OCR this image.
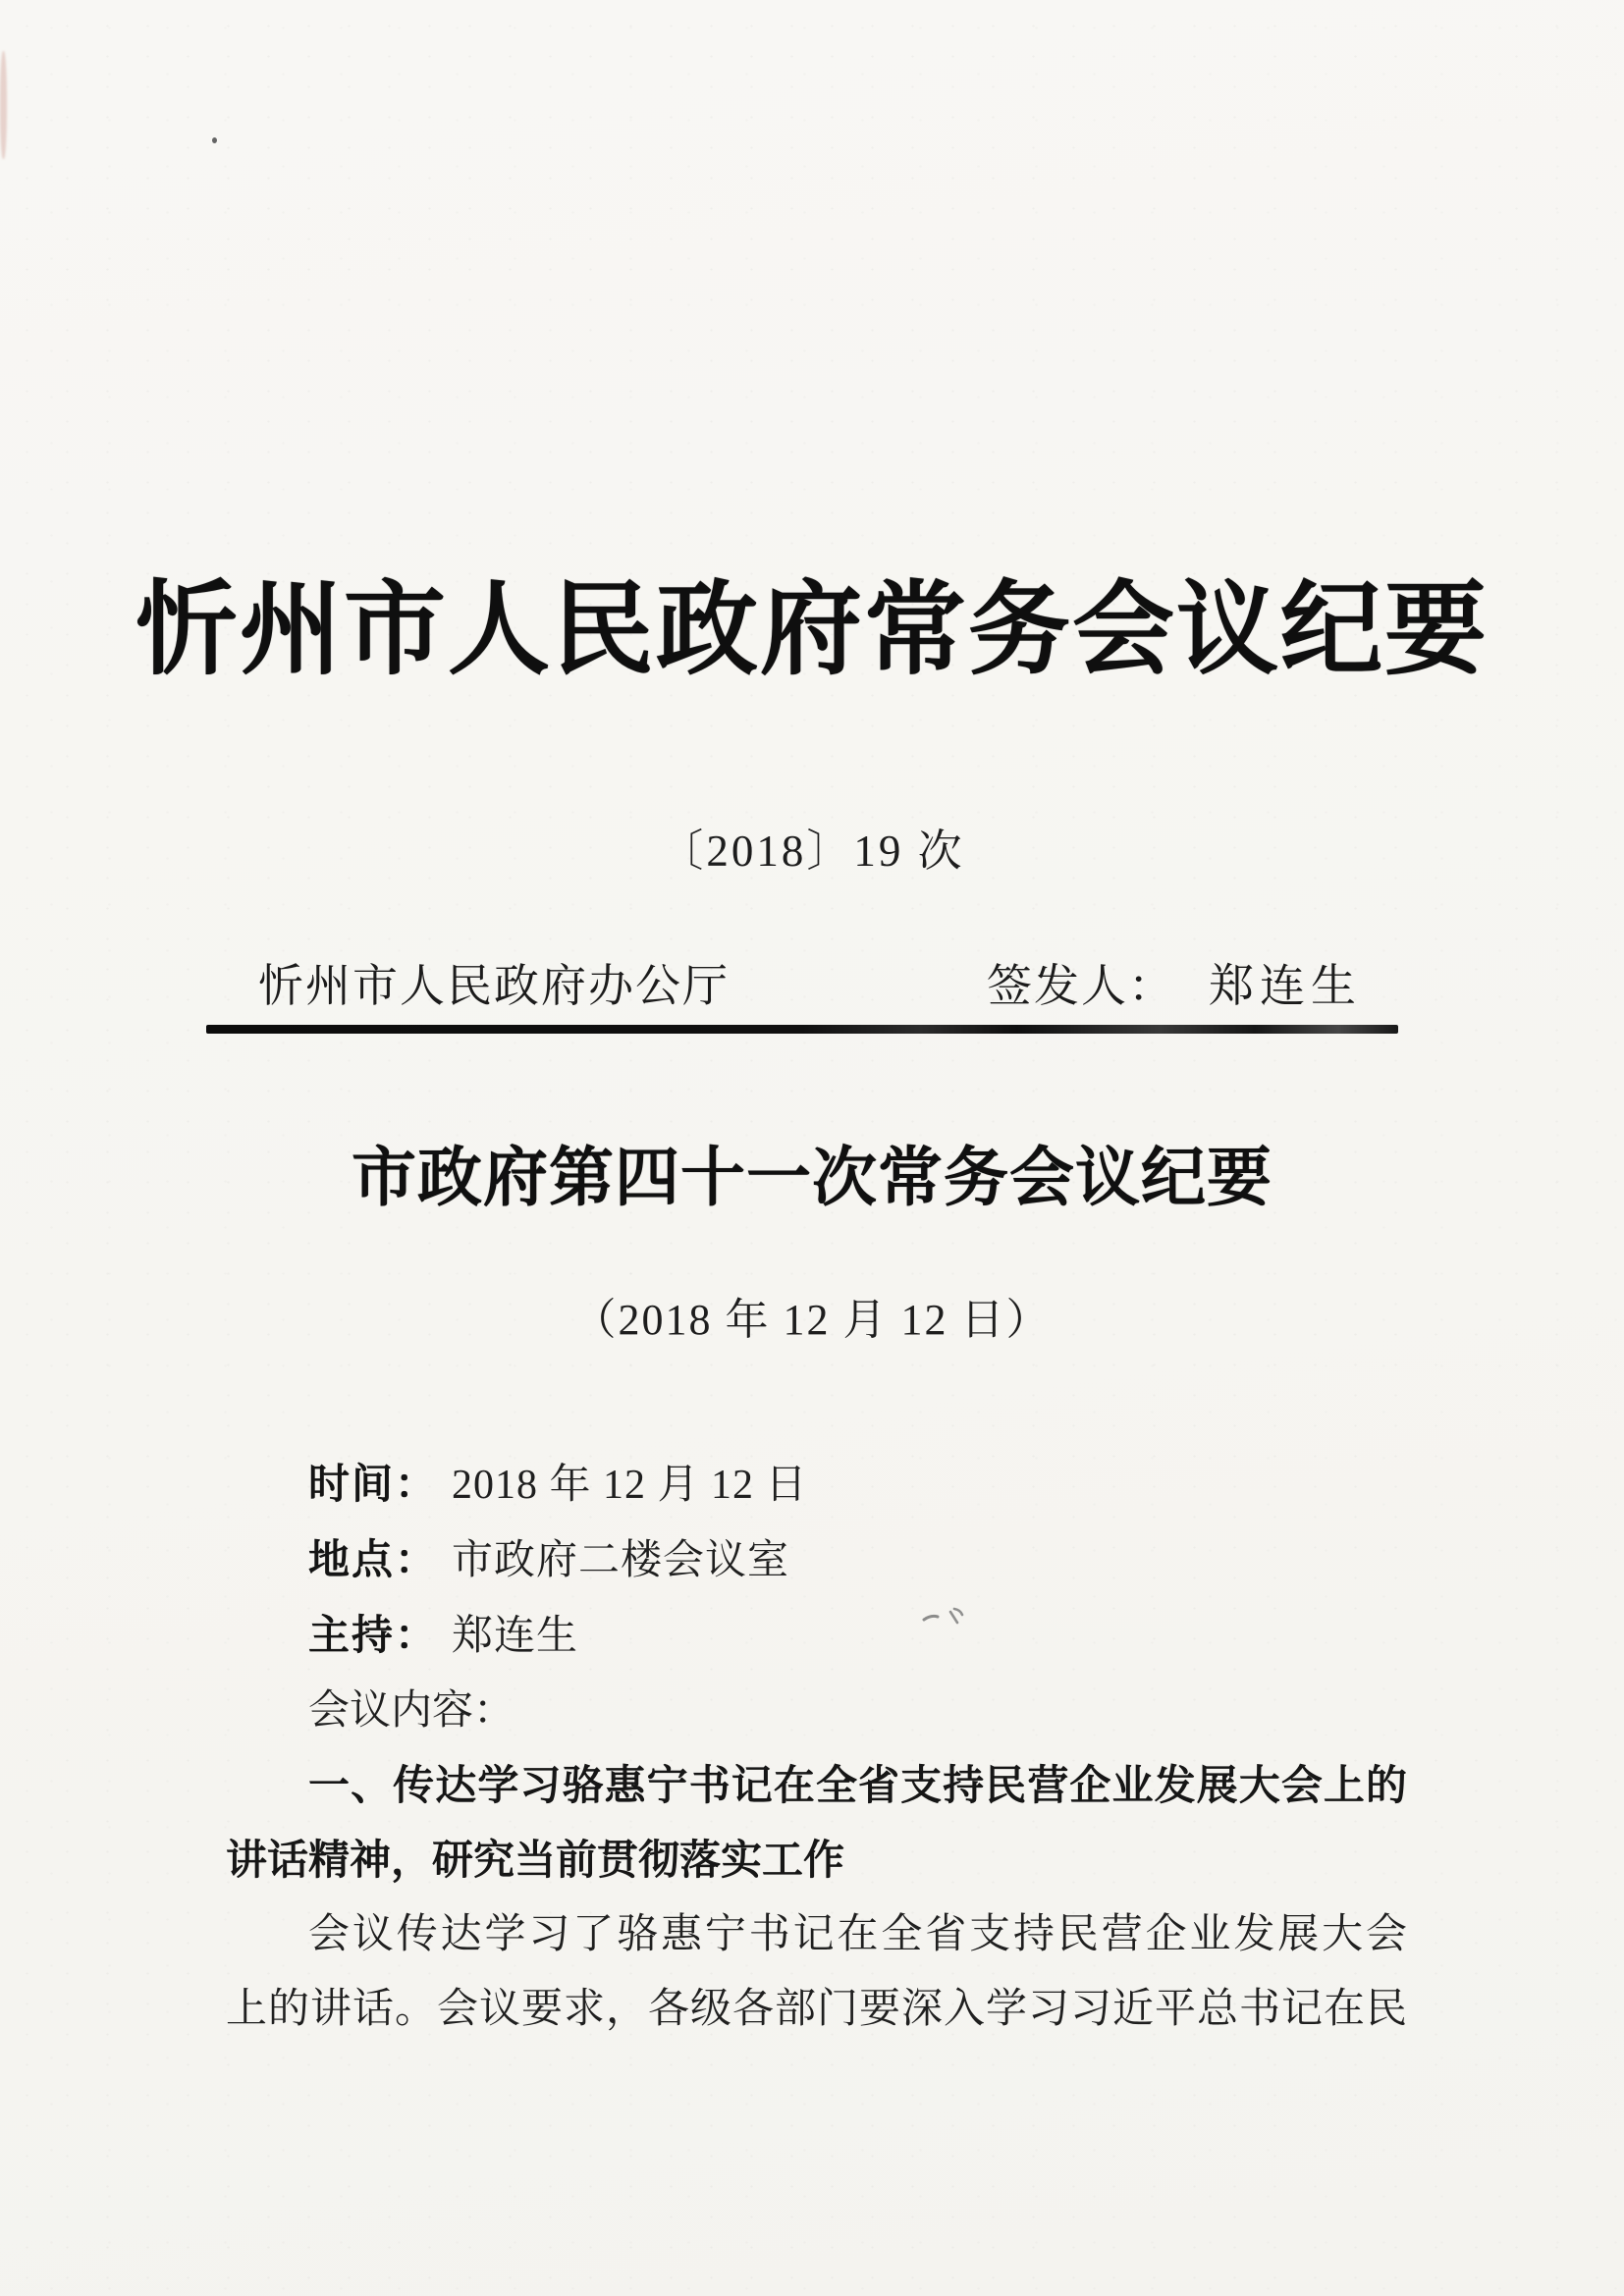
忻州市人民政府常务会议纪要
〔2018〕19 次
忻州市人民政府办公厅	签发人： 郑连生
市政府第四十一次常务会议纪要
（2018 年 12 月 12 日）

时间： 2018 年 12 月 12 日

地点： 市政府二楼会议室

主持： 郑连生

会议内容：

一、传达学习骆惠宁书记在全省支持民营企业发展大会上的

讲话精神，研究当前贯彻落实工作

会议传达学习了骆惠宁书记在全省支持民营企业发展大会

上的讲话。会议要求，各级各部门要深入学习习近平总书记在民
